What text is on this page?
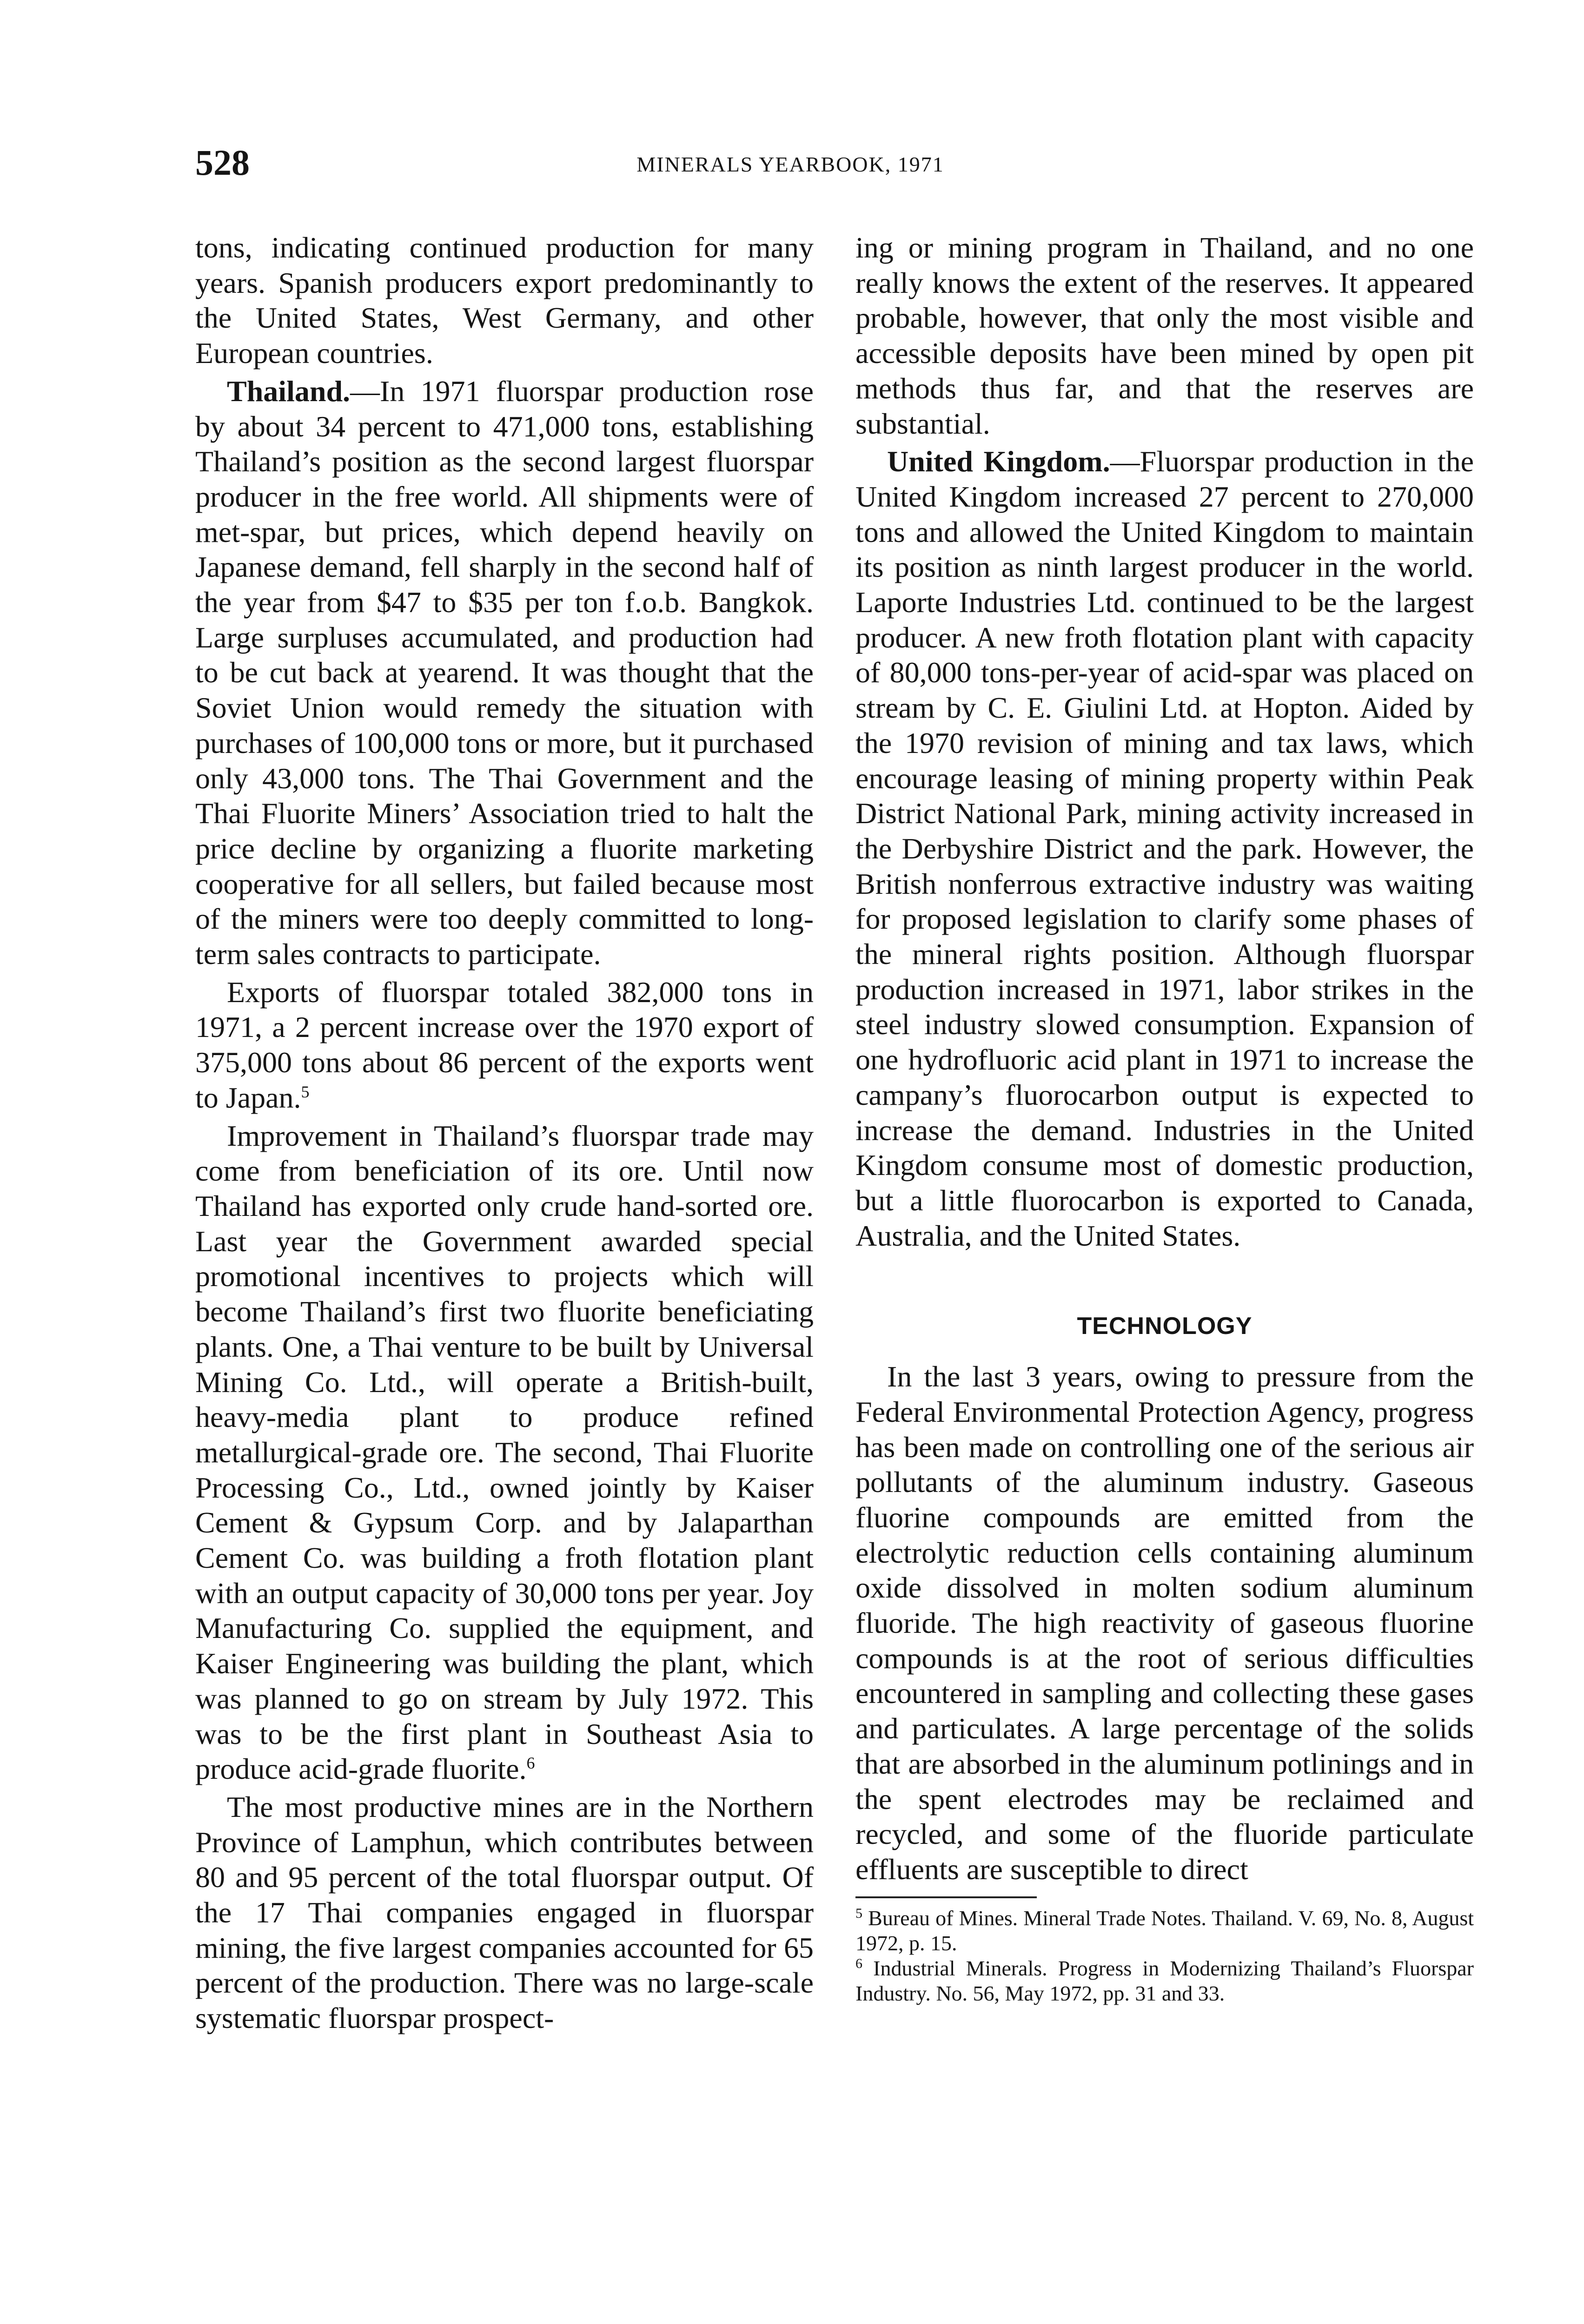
528	MINERALS YEARBOOK, 1971

tons, indicating continued production for many years. Spanish producers export predominantly to the United States, West Germany, and other European countries.

Thailand.—In 1971 fluorspar production rose by about 34 percent to 471,000 tons, establishing Thailand’s position as the second largest fluorspar producer in the free world. All shipments were of met-spar, but prices, which depend heavily on Japanese demand, fell sharply in the second half of the year from $47 to $35 per ton f.o.b. Bangkok. Large surpluses accumulated, and production had to be cut back at yearend. It was thought that the Soviet Union would remedy the situation with purchases of 100,000 tons or more, but it purchased only 43,000 tons. The Thai Government and the Thai Fluorite Miners’ Association tried to halt the price decline by organizing a fluorite marketing cooperative for all sellers, but failed because most of the miners were too deeply committed to long-term sales contracts to participate.

Exports of fluorspar totaled 382,000 tons in 1971, a 2 percent increase over the 1970 export of 375,000 tons about 86 percent of the exports went to Japan.$^5$

Improvement in Thailand’s fluorspar trade may come from beneficiation of its ore. Until now Thailand has exported only crude hand-sorted ore. Last year the Government awarded special promotional incentives to projects which will become Thailand’s first two fluorite beneficiating plants. One, a Thai venture to be built by Universal Mining Co. Ltd., will operate a British-built, heavy-media plant to produce refined metallurgical-grade ore. The second, Thai Fluorite Processing Co., Ltd., owned jointly by Kaiser Cement & Gypsum Corp. and by Jalaparthan Cement Co. was building a froth flotation plant with an output capacity of 30,000 tons per year. Joy Manufacturing Co. supplied the equipment, and Kaiser Engineering was building the plant, which was planned to go on stream by July 1972. This was to be the first plant in Southeast Asia to produce acid-grade fluorite.$^6$

The most productive mines are in the Northern Province of Lamphun, which contributes between 80 and 95 percent of the total fluorspar output. Of the 17 Thai companies engaged in fluorspar mining, the five largest companies accounted for 65 percent of the production. There was no large-scale systematic fluorspar prospect-

ing or mining program in Thailand, and no one really knows the extent of the reserves. It appeared probable, however, that only the most visible and accessible deposits have been mined by open pit methods thus far, and that the reserves are substantial.

United Kingdom.—Fluorspar production in the United Kingdom increased 27 percent to 270,000 tons and allowed the United Kingdom to maintain its position as ninth largest producer in the world. Laporte Industries Ltd. continued to be the largest producer. A new froth flotation plant with capacity of 80,000 tons-per-year of acid-spar was placed on stream by C. E. Giulini Ltd. at Hopton. Aided by the 1970 revision of mining and tax laws, which encourage leasing of mining property within Peak District National Park, mining activity increased in the Derbyshire District and the park. However, the British nonferrous extractive industry was waiting for proposed legislation to clarify some phases of the mineral rights position. Although fluorspar production increased in 1971, labor strikes in the steel industry slowed consumption. Expansion of one hydrofluoric acid plant in 1971 to increase the campany’s fluorocarbon output is expected to increase the demand. Industries in the United Kingdom consume most of domestic production, but a little fluorocarbon is exported to Canada, Australia, and the United States.

TECHNOLOGY

In the last 3 years, owing to pressure from the Federal Environmental Protection Agency, progress has been made on controlling one of the serious air pollutants of the aluminum industry. Gaseous fluorine compounds are emitted from the electrolytic reduction cells containing aluminum oxide dissolved in molten sodium aluminum fluoride. The high reactivity of gaseous fluorine compounds is at the root of serious difficulties encountered in sampling and collecting these gases and particulates. A large percentage of the solids that are absorbed in the aluminum potlinings and in the spent electrodes may be reclaimed and recycled, and some of the fluoride particulate effluents are susceptible to direct

$^5$ Bureau of Mines. Mineral Trade Notes. Thailand. V. 69, No. 8, August 1972, p. 15.

$^6$ Industrial Minerals. Progress in Modernizing Thailand’s Fluorspar Industry. No. 56, May 1972, pp. 31 and 33.
